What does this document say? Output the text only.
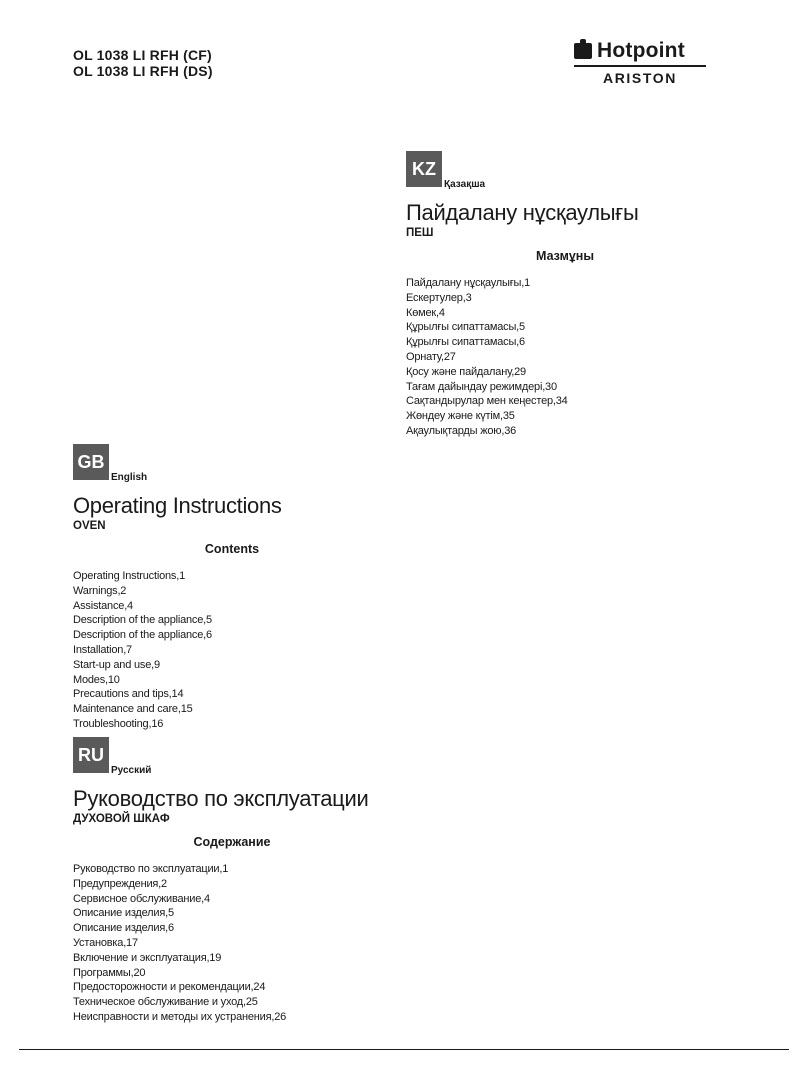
OL 1038 LI RFH (CF)
OL 1038 LI RFH (DS)
Hotpoint
ARISTON
KZ
Қазақша
Пайдалану нұсқаулығы
ПЕШ
Мазмұны
Пайдалану нұсқаулығы,1
Ескертулер,3
Көмек,4
Құрылғы сипаттамасы,5
Құрылғы сипаттамасы,6
Орнату,27
Қосу және пайдалану,29
Тағам дайындау режимдері,30
Сақтандырулар мен кеңестер,34
Жөндеу және күтім,35
Ақаулықтарды жою,36
GB
English
Operating Instructions
OVEN
Contents
Operating Instructions,1
Warnings,2
Assistance,4
Description of the appliance,5
Description of the appliance,6
Installation,7
Start-up and use,9
Modes,10
Precautions and tips,14
Maintenance and care,15
Troubleshooting,16
RU
Русский
Руководство по эксплуатации
ДУХОВОЙ ШКАФ
Содержание
Руководство по эксплуатации,1
Предупреждения,2
Сервисное обслуживание,4
Описание изделия,5
Описание изделия,6
Установка,17
Включение и эксплуатация,19
Программы,20
Предосторожности и рекомендации,24
Техническое обслуживание и уход,25
Неисправности и методы их устранения,26
